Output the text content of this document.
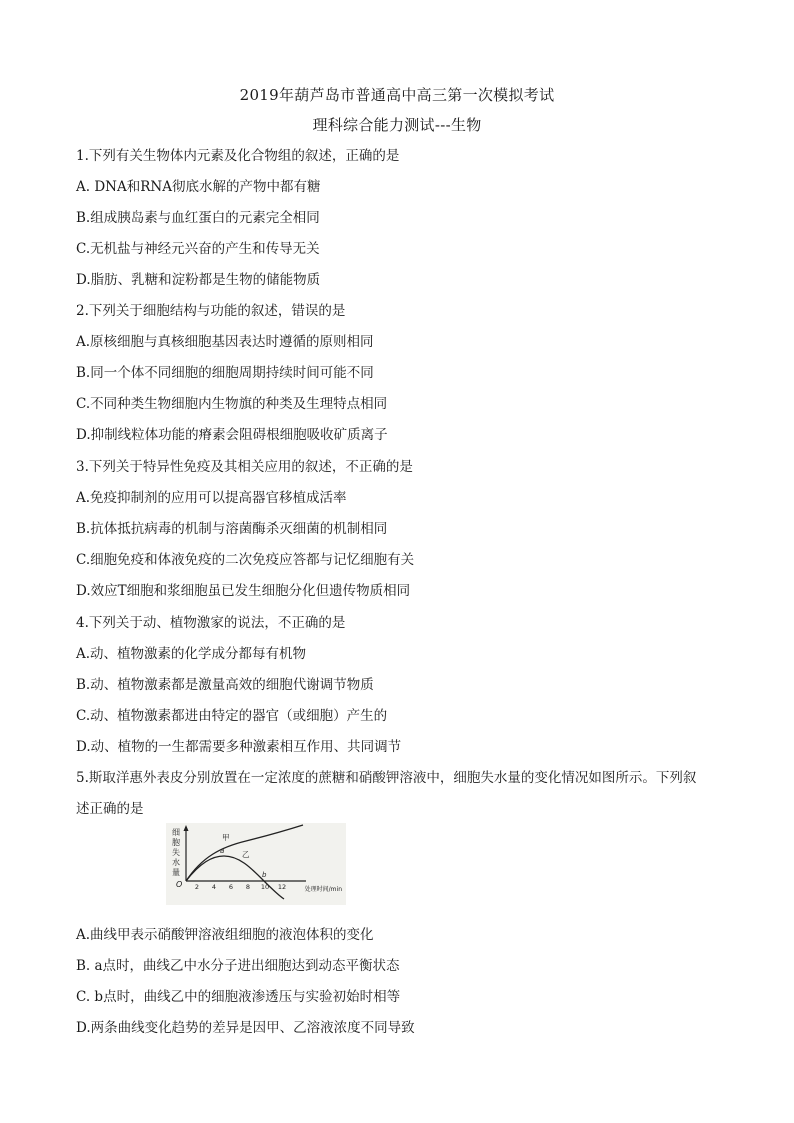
2019年葫芦岛市普通高中高三第一次模拟考试
理科综合能力测试---生物
1.下列有关生物体内元素及化合物组的叙述，正确的是
A. DNA和RNA彻底水解的产物中都有糖
B.组成胰岛素与血红蛋白的元素完全相同
C.无机盐与神经元兴奋的产生和传导无关
D.脂肪、乳糖和淀粉都是生物的储能物质
2.下列关于细胞结构与功能的叙述，错误的是
A.原核细胞与真核细胞基因表达时遵循的原则相同
B.同一个体不同细胞的细胞周期持续时间可能不同
C.不同种类生物细胞内生物旗的种类及生理特点相同
D.抑制线粒体功能的瘠素会阻碍根细胞吸收矿质离子
3.下列关于特异性免疫及其相关应用的叙述，不正确的是
A.免疫抑制剂的应用可以提高器官移植成活率
B.抗体抵抗病毒的机制与溶菌酶杀灭细菌的机制相同
C.细胞免疫和体液免疫的二次免疫应答都与记忆细胞有关
D.效应T细胞和浆细胞虽已发生细胞分化但遗传物质相同
4.下列关于动、植物激家的说法，不正确的是
A.动、植物激素的化学成分都每有机物
B.动、植物激素都是激量高效的细胞代谢调节物质
C.动、植物激素都进由特定的器官（或细胞）产生的
D.动、植物的一生都需要多种激素相互作用、共同调节
5.斯取洋惠外表皮分别放置在一定浓度的蔗糖和硝酸钾溶液中，细胞失水量的变化情况如图所示。下列叙
述正确的是
细
胞
失
水
量
O 2 4 6 8 10 12	处理时间/min
甲
乙
a
b
A.曲线甲表示硝酸钾溶液组细胞的液泡体积的变化
B. a点时，曲线乙中水分子进出细胞达到动态平衡状态
C. b点时，曲线乙中的细胞液渗透压与实验初始时相等
D.两条曲线变化趋势的差异是因甲、乙溶液浓度不同导致
